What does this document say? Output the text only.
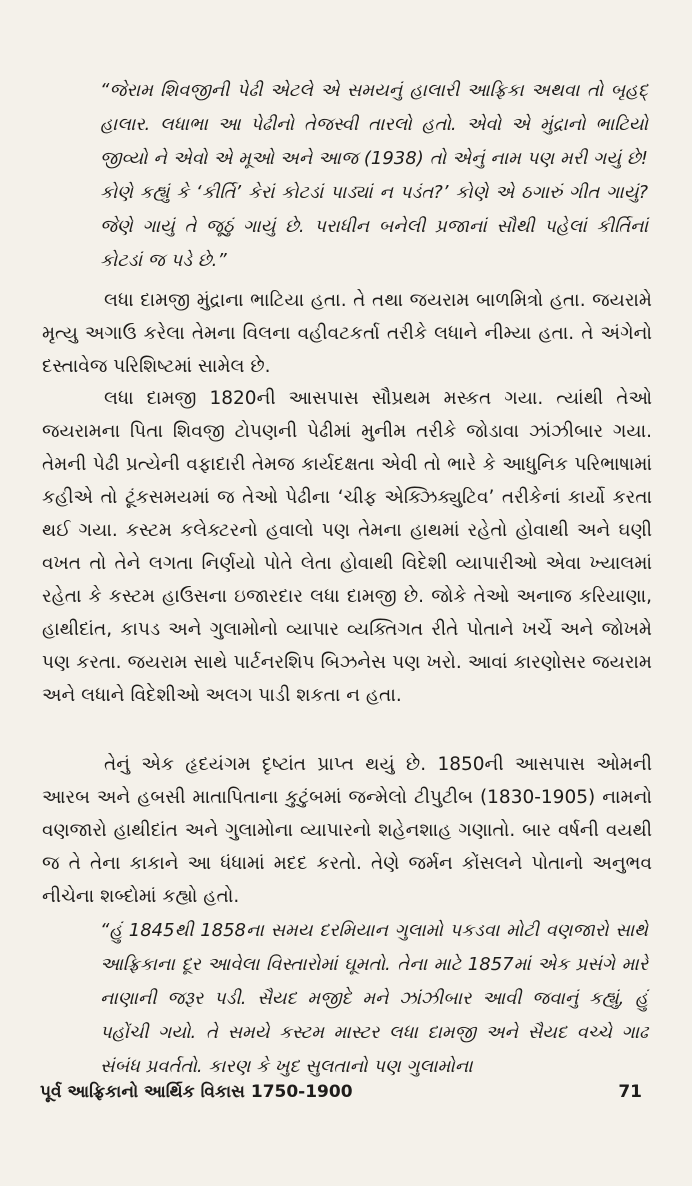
“જેરામ શિવજીની પેઢી એટલે એ સમયનું હાલારી આફ્રિકા અથવા તો બૃહદ્ હાલાર. લધાભા આ પેઢીનો તેજસ્વી તારલો હતો. એવો એ મુંદ્રાનો ભાટિયો જીવ્યો ને એવો એ મૂઓ અને આજ (1938) તો એનું નામ પણ મરી ગયું છે! કોણે કહ્યું કે ‘કીર્તિ’ કેરાં કોટડાં પાડ્યાં ન પડંત?’ કોણે એ ઠગારું ગીત ગાયું? જેણે ગાયું તે જૂઠું ગાયું છે. પરાધીન બનેલી પ્રજાનાં સૌથી પહેલાં કીર્તિનાં કોટડાં જ પડે છે.”

લધા દામજી મુંદ્રાના ભાટિયા હતા. તે તથા જયરામ બાળમિત્રો હતા. જયરામે મૃત્યુ અગાઉ કરેલા તેમના વિલના વહીવટકર્તા તરીકે લધાને નીમ્યા હતા. તે અંગેનો દસ્તાવેજ પરિશિષ્ટમાં સામેલ છે.

લધા દામજી 1820ની આસપાસ સૌપ્રથમ મસ્કત ગયા. ત્યાંથી તેઓ જયરામના પિતા શિવજી ટોપણની પેઢીમાં મુનીમ તરીકે જોડાવા ઝાંઝીબાર ગયા. તેમની પેઢી પ્રત્યેની વફાદારી તેમજ કાર્યદક્ષતા એવી તો ભારે કે આધુનિક પરિભાષામાં કહીએ તો ટૂંકસમયમાં જ તેઓ પેઢીના ‘ચીફ એક્ઝિક્યુટિવ’ તરીકેનાં કાર્યો કરતા થઈ ગયા. કસ્ટમ કલેક્ટરનો હવાલો પણ તેમના હાથમાં રહેતો હોવાથી અને ઘણી વખત તો તેને લગતા નિર્ણયો પોતે લેતા હોવાથી વિદેશી વ્યાપારીઓ એવા ખ્યાલમાં રહેતા કે કસ્ટમ હાઉસના ઇજારદાર લધા દામજી છે. જોકે તેઓ અનાજ કરિયાણા, હાથીદાંત, કાપડ અને ગુલામોનો વ્યાપાર વ્યક્તિગત રીતે પોતાને ખર્ચે અને જોખમે પણ કરતા. જયરામ સાથે પાર્ટનરશિપ બિઝનેસ પણ ખરો. આવાં કારણોસર જયરામ અને લધાને વિદેશીઓ અલગ પાડી શકતા ન હતા.

તેનું એક હૃદયંગમ દૃષ્ટાંત પ્રાપ્ત થયું છે. 1850ની આસપાસ ઓમની આરબ અને હબસી માતાપિતાના કુટુંબમાં જન્મેલો ટીપુટીબ (1830-1905) નામનો વણજારો હાથીદાંત અને ગુલામોના વ્યાપારનો શહેનશાહ ગણાતો. બાર વર્ષની વયથી જ તે તેના કાકાને આ ધંધામાં મદદ કરતો. તેણે જર્મન કોંસલને પોતાનો અનુભવ નીચેના શબ્દોમાં કહ્યો હતો.

“હું 1845થી 1858ના સમય દરમિયાન ગુલામો પકડવા મોટી વણજારો સાથે આફ્રિકાના દૂર આવેલા વિસ્તારોમાં ઘૂમતો. તેના માટે 1857માં એક પ્રસંગે મારે નાણાની જરૂર પડી. સૈયદ મજીદે મને ઝાંઝીબાર આવી જવાનું કહ્યું, હું પહોંચી ગયો. તે સમયે કસ્ટમ માસ્ટર લધા દામજી અને સૈયદ વચ્ચે ગાઢ સંબંધ પ્રવર્તતો. કારણ કે ખુદ સુલતાનો પણ ગુલામોના

પૂર્વ આફ્રિકાનો આર્થિક વિકાસ 1750-1900	71
